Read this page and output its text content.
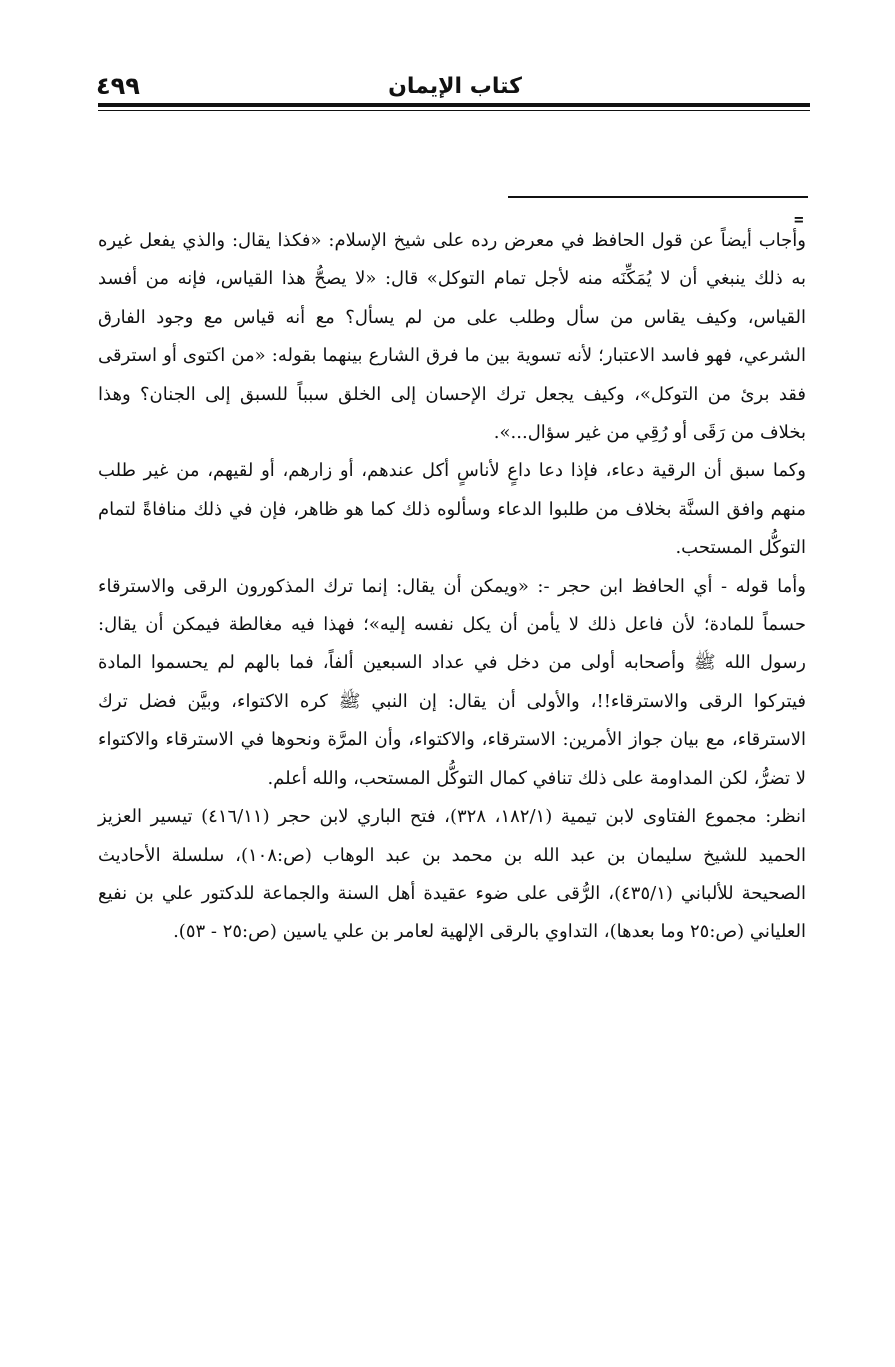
٤٩٩	كتاب الإيمان
=

وأجاب أيضاً عن قول الحافظ في معرض رده على شيخ الإسلام: «فكذا يقال: والذي يفعل غيره به ذلك ينبغي أن لا يُمَكِّنَه منه لأجل تمام التوكل» قال: «لا يصحُّ هذا القياس، فإنه من أفسد القياس، وكيف يقاس من سأل وطلب على من لم يسأل؟ مع أنه قياس مع وجود الفارق الشرعي، فهو فاسد الاعتبار؛ لأنه تسوية بين ما فرق الشارع بينهما بقوله: «من اكتوى أو استرقى فقد برئ من التوكل»، وكيف يجعل ترك الإحسان إلى الخلق سبباً للسبق إلى الجنان؟ وهذا بخلاف من رَقَى أو رُقِي من غير سؤال...».

وكما سبق أن الرقية دعاء، فإذا دعا داعٍ لأناسٍ أكل عندهم، أو زارهم، أو لقيهم، من غير طلب منهم وافق السنَّة بخلاف من طلبوا الدعاء وسألوه ذلك كما هو ظاهر، فإن في ذلك منافاةً لتمام التوكُّل المستحب.

وأما قوله - أي الحافظ ابن حجر -: «ويمكن أن يقال: إنما ترك المذكورون الرقى والاسترقاء حسماً للمادة؛ لأن فاعل ذلك لا يأمن أن يكل نفسه إليه»؛ فهذا فيه مغالطة فيمكن أن يقال: رسول الله ﷺ وأصحابه أولى من دخل في عداد السبعين ألفاً، فما بالهم لم يحسموا المادة فيتركوا الرقى والاسترقاء!!، والأولى أن يقال: إن النبي ﷺ كره الاكتواء، وبيَّن فضل ترك الاسترقاء، مع بيان جواز الأمرين: الاسترقاء، والاكتواء، وأن المرَّة ونحوها في الاسترقاء والاكتواء لا تضرُّ، لكن المداومة على ذلك تنافي كمال التوكُّل المستحب، والله أعلم.

انظر: مجموع الفتاوى لابن تيمية (١٨٢/١، ٣٢٨)، فتح الباري لابن حجر (٤١٦/١١) تيسير العزيز الحميد للشيخ سليمان بن عبد الله بن محمد بن عبد الوهاب (ص:١٠٨)، سلسلة الأحاديث الصحيحة للألباني (٤٣٥/١)، الرُّقى على ضوء عقيدة أهل السنة والجماعة للدكتور علي بن نفيع العلياني (ص:٢٥ وما بعدها)، التداوي بالرقى الإلهية لعامر بن علي ياسين (ص:٢٥ - ٥٣).
